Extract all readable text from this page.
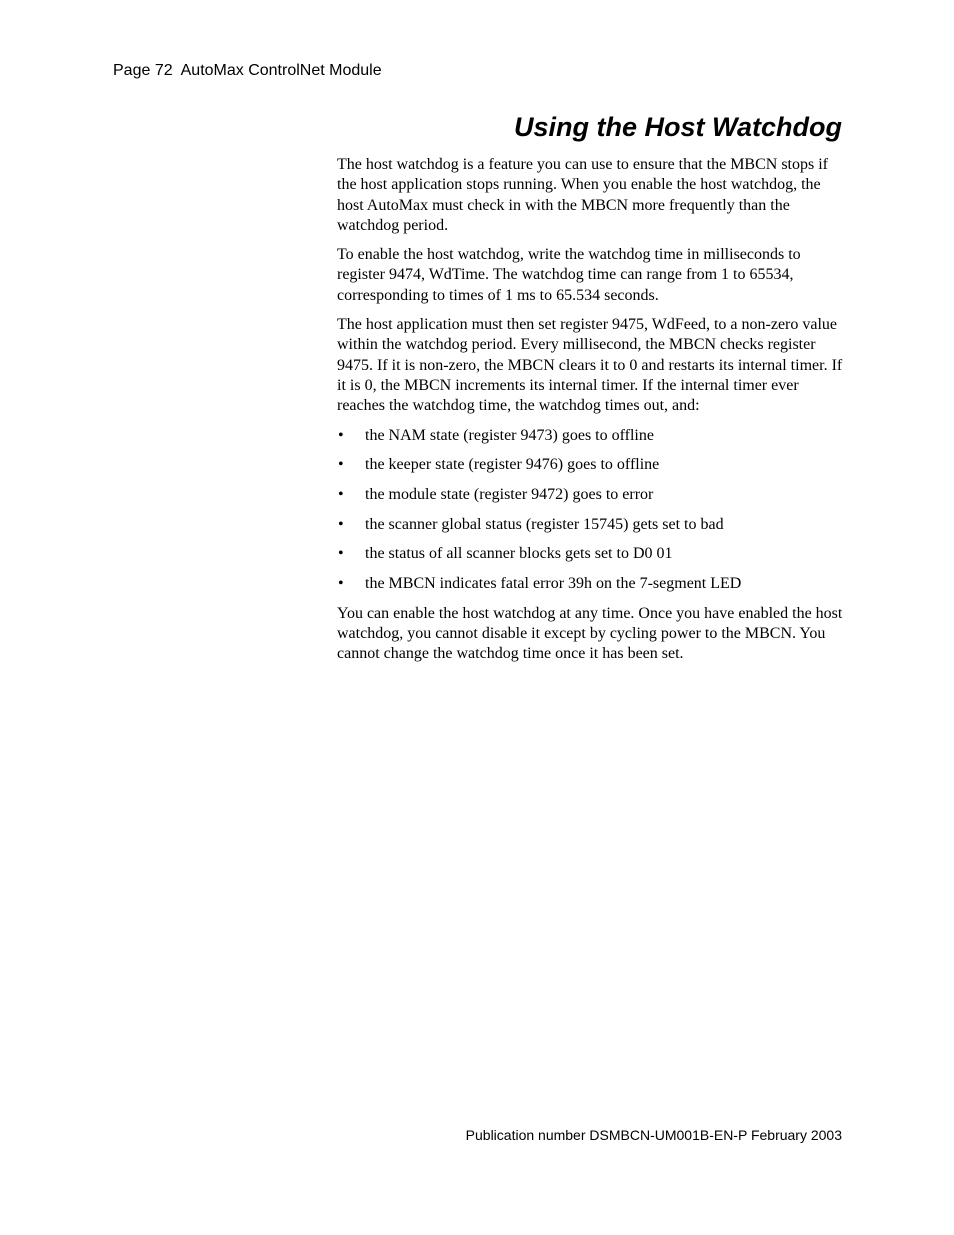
Page 72  AutoMax ControlNet Module
Using the Host Watchdog

The host watchdog is a feature you can use to ensure that the MBCN stops if the host application stops running. When you enable the host watchdog, the host AutoMax must check in with the MBCN more frequently than the watchdog period.

To enable the host watchdog, write the watchdog time in milliseconds to register 9474, WdTime. The watchdog time can range from 1 to 65534, corresponding to times of 1 ms to 65.534 seconds.

The host application must then set register 9475, WdFeed, to a non-zero value within the watchdog period. Every millisecond, the MBCN checks register 9475. If it is non-zero, the MBCN clears it to 0 and restarts its internal timer. If it is 0, the MBCN increments its internal timer. If the internal timer ever reaches the watchdog time, the watchdog times out, and:

• the NAM state (register 9473) goes to offline
• the keeper state (register 9476) goes to offline
• the module state (register 9472) goes to error
• the scanner global status (register 15745) gets set to bad
• the status of all scanner blocks gets set to D0 01
• the MBCN indicates fatal error 39h on the 7-segment LED

You can enable the host watchdog at any time. Once you have enabled the host watchdog, you cannot disable it except by cycling power to the MBCN. You cannot change the watchdog time once it has been set.

Publication number DSMBCN-UM001B-EN-P February 2003
